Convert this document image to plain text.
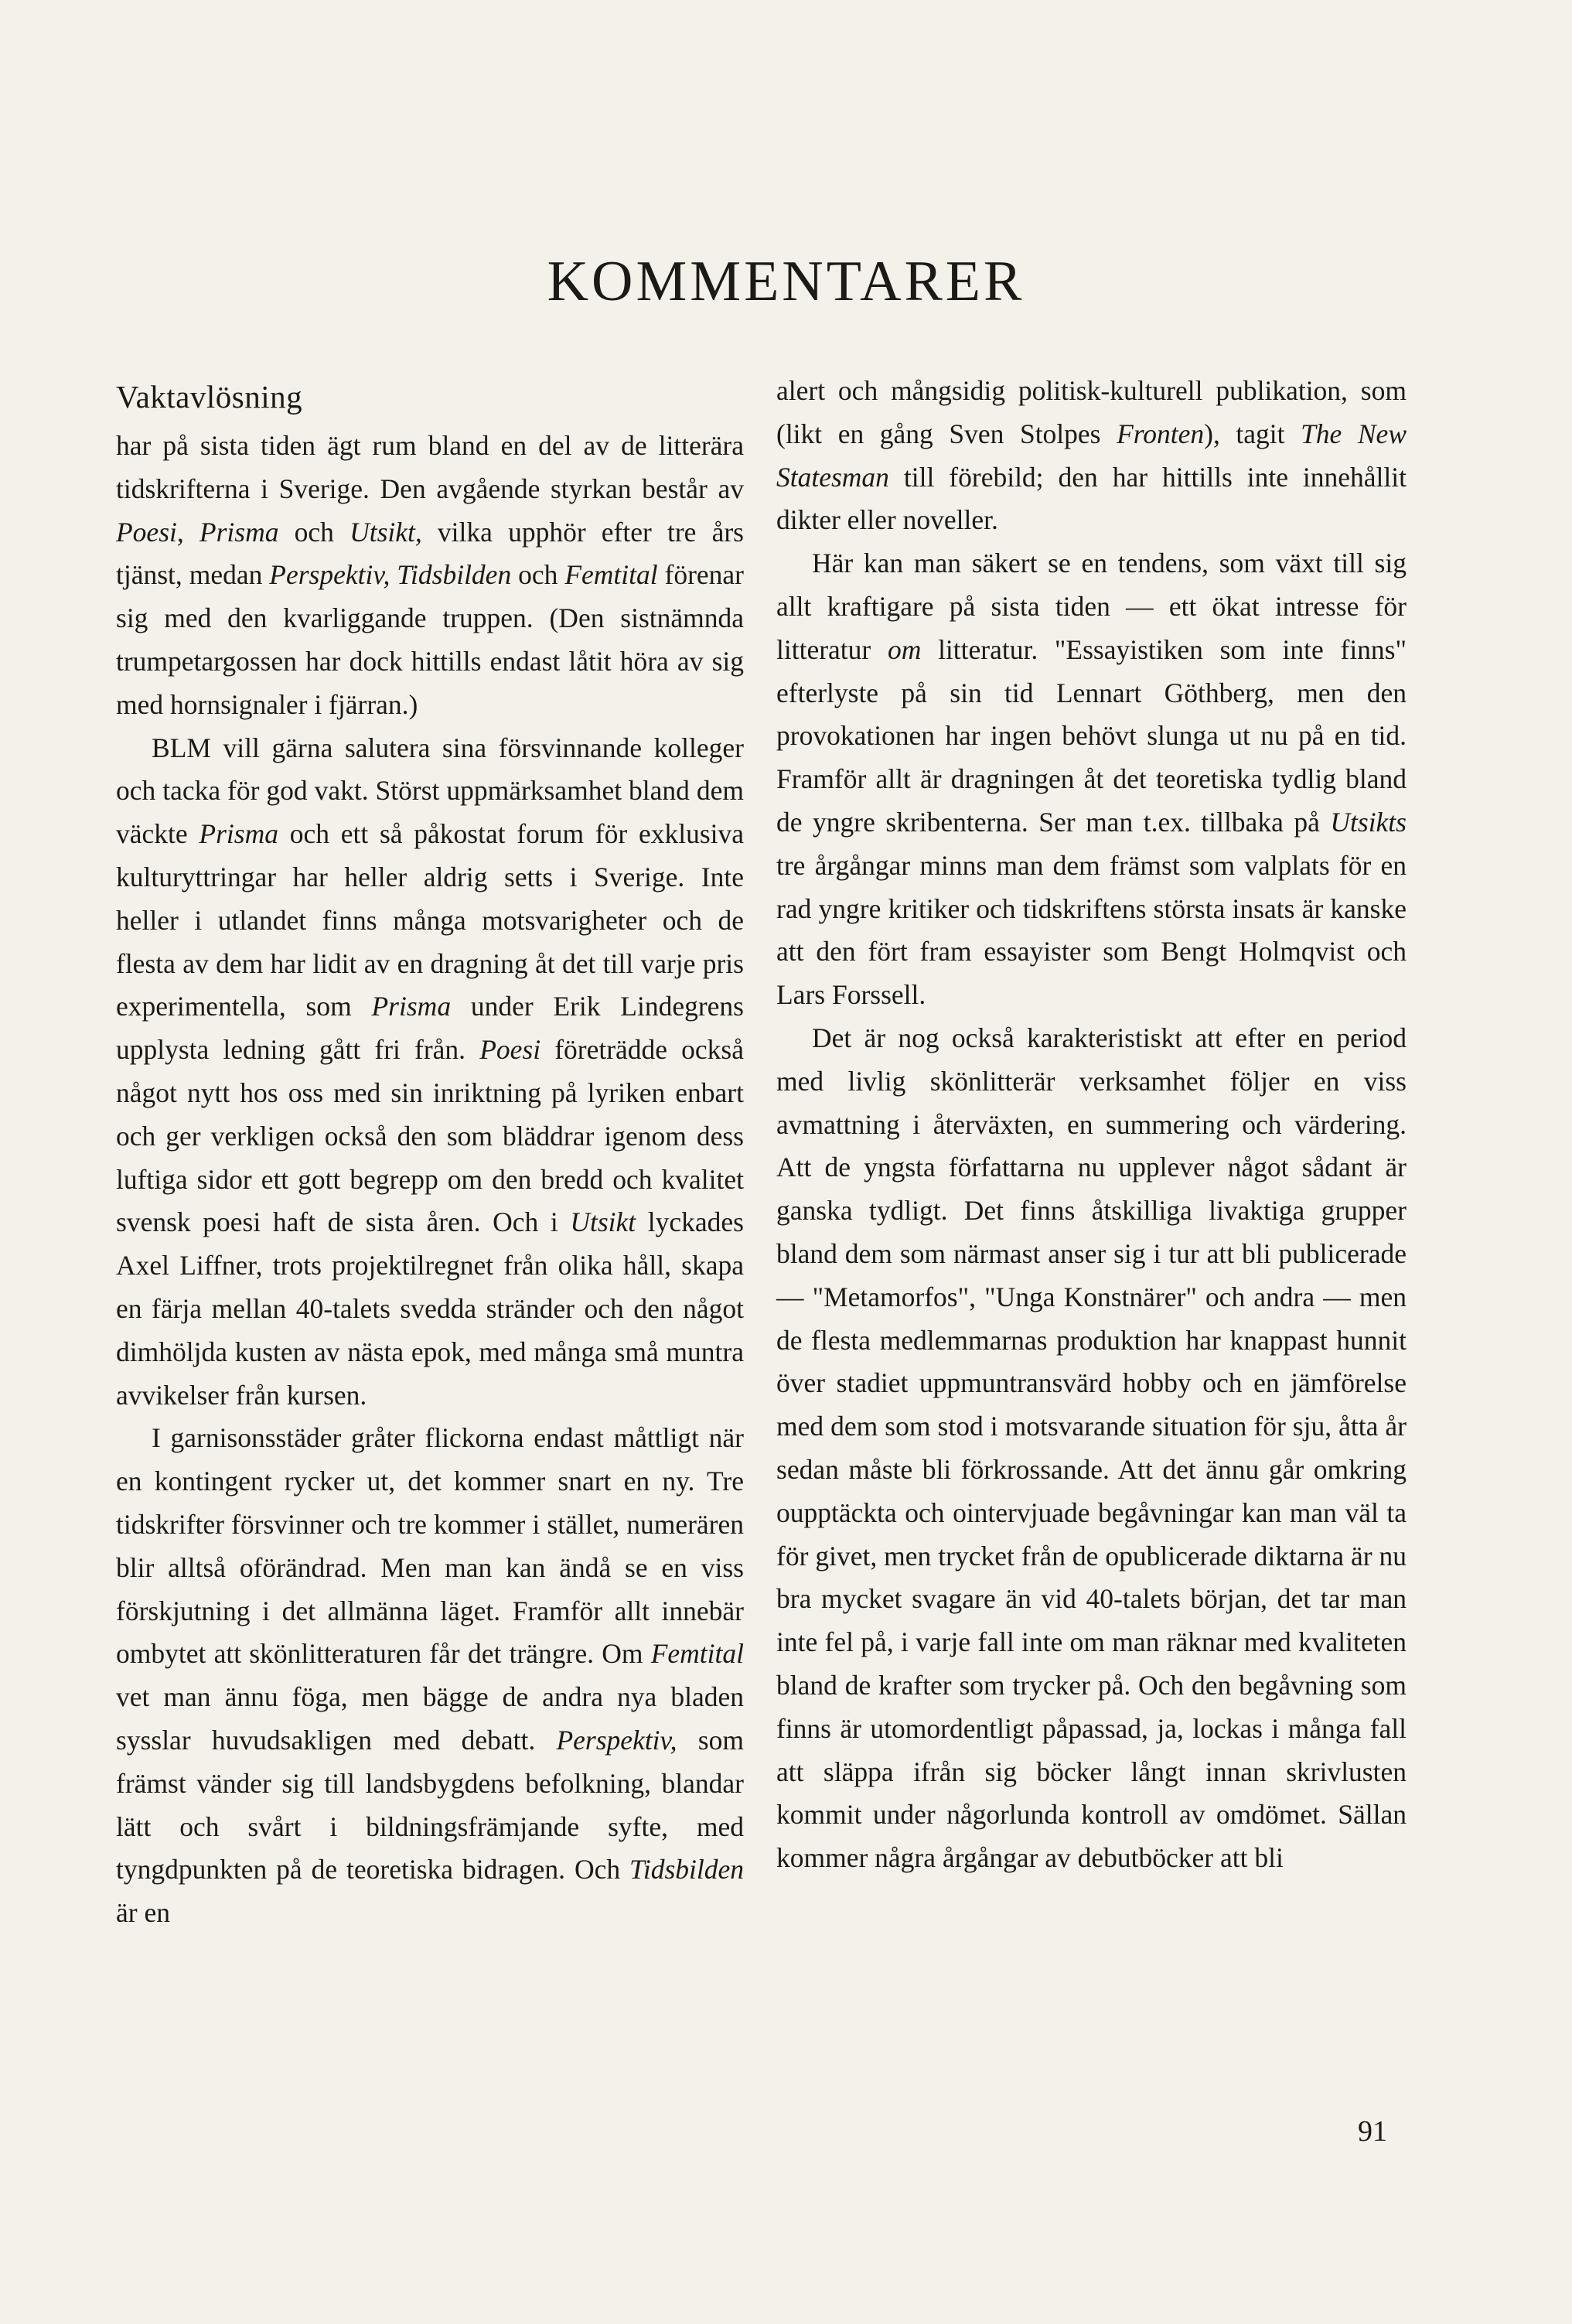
KOMMENTARER
Vaktavlösning

har på sista tiden ägt rum bland en del av de litterära tidskrifterna i Sverige. Den avgående styrkan består av Poesi, Prisma och Utsikt, vilka upphör efter tre års tjänst, medan Perspektiv, Tidsbilden och Femtital förenar sig med den kvarliggande truppen. (Den sistnämnda trumpetargossen har dock hittills endast låtit höra av sig med hornsignaler i fjärran.)

BLM vill gärna salutera sina försvinnande kolleger och tacka för god vakt. Störst uppmärksamhet bland dem väckte Prisma och ett så påkostat forum för exklusiva kulturyttringar har heller aldrig setts i Sverige. Inte heller i utlandet finns många motsvarigheter och de flesta av dem har lidit av en dragning åt det till varje pris experimentella, som Prisma under Erik Lindegrens upplysta ledning gått fri från. Poesi företrädde också något nytt hos oss med sin inriktning på lyriken enbart och ger verkligen också den som bläddrar igenom dess luftiga sidor ett gott begrepp om den bredd och kvalitet svensk poesi haft de sista åren. Och i Utsikt lyckades Axel Liffner, trots projektilregnet från olika håll, skapa en färja mellan 40-talets svedda stränder och den något dimhöljda kusten av nästa epok, med många små muntra avvikelser från kursen.

I garnisonsstäder gråter flickorna endast måttligt när en kontingent rycker ut, det kommer snart en ny. Tre tidskrifter försvinner och tre kommer i stället, numerären blir alltså oförändrad. Men man kan ändå se en viss förskjutning i det allmänna läget. Framför allt innebär ombytet att skönlitteraturen får det trängre. Om Femtital vet man ännu föga, men bägge de andra nya bladen sysslar huvudsakligen med debatt. Perspektiv, som främst vänder sig till landsbygdens befolkning, blandar lätt och svårt i bildningsfrämjande syfte, med tyngdpunkten på de teoretiska bidragen. Och Tidsbilden är en

alert och mångsidig politisk-kulturell publikation, som (likt en gång Sven Stolpes Fronten), tagit The New Statesman till förebild; den har hittills inte innehållit dikter eller noveller.

Här kan man säkert se en tendens, som växt till sig allt kraftigare på sista tiden — ett ökat intresse för litteratur om litteratur. "Essayistiken som inte finns" efterlyste på sin tid Lennart Göthberg, men den provokationen har ingen behövt slunga ut nu på en tid. Framför allt är dragningen åt det teoretiska tydlig bland de yngre skribenterna. Ser man t.ex. tillbaka på Utsikts tre årgångar minns man dem främst som valplats för en rad yngre kritiker och tidskriftens största insats är kanske att den fört fram essayister som Bengt Holmqvist och Lars Forssell.

Det är nog också karakteristiskt att efter en period med livlig skönlitterär verksamhet följer en viss avmattning i återväxten, en summering och värdering. Att de yngsta författarna nu upplever något sådant är ganska tydligt. Det finns åtskilliga livaktiga grupper bland dem som närmast anser sig i tur att bli publicerade — "Metamorfos", "Unga Konstnärer" och andra — men de flesta medlemmarnas produktion har knappast hunnit över stadiet uppmuntransvärd hobby och en jämförelse med dem som stod i motsvarande situation för sju, åtta år sedan måste bli förkrossande. Att det ännu går omkring oupptäckta och ointervjuade begåvningar kan man väl ta för givet, men trycket från de opublicerade diktarna är nu bra mycket svagare än vid 40-talets början, det tar man inte fel på, i varje fall inte om man räknar med kvaliteten bland de krafter som trycker på. Och den begåvning som finns är utomordentligt påpassad, ja, lockas i många fall att släppa ifrån sig böcker långt innan skrivlusten kommit under någorlunda kontroll av omdömet. Sällan kommer några årgångar av debutböcker att bli

91
